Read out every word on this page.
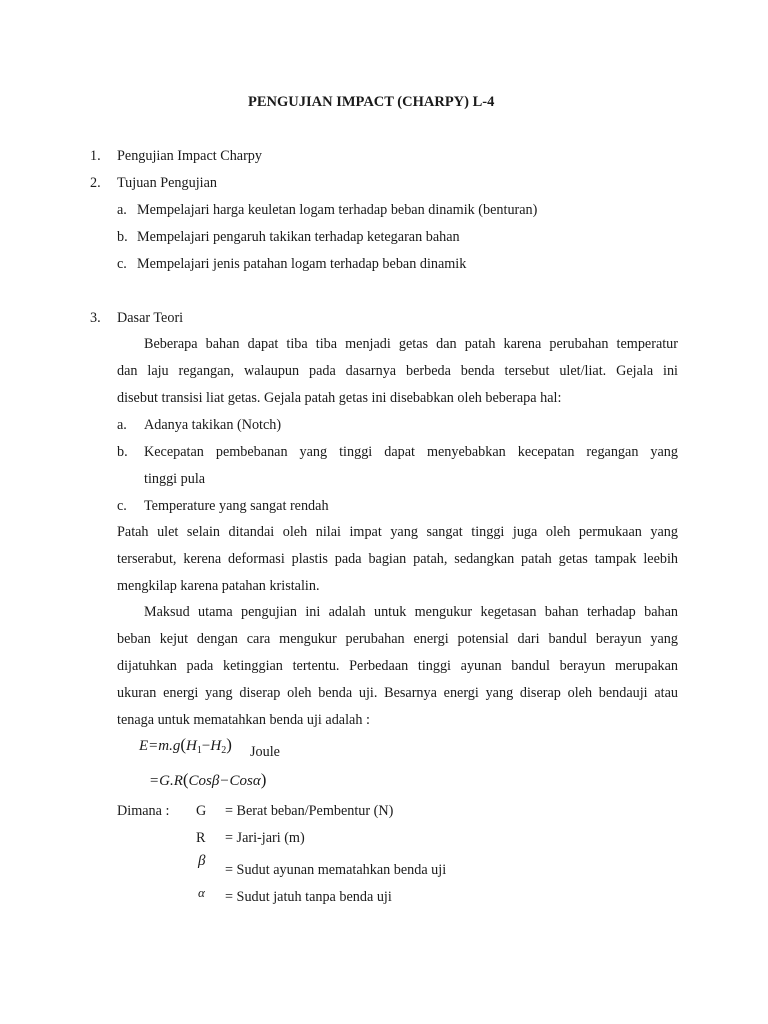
PENGUJIAN IMPACT (CHARPY) L-4
1. Pengujian Impact Charpy
2. Tujuan Pengujian
a. Mempelajari harga keuletan logam terhadap beban dinamik (benturan)
b. Mempelajari pengaruh takikan terhadap ketegaran bahan
c. Mempelajari jenis patahan logam terhadap beban dinamik
3. Dasar Teori
Beberapa bahan dapat tiba tiba menjadi getas dan patah karena perubahan temperatur
dan laju regangan, walaupun pada dasarnya berbeda benda tersebut ulet/liat. Gejala ini
disebut transisi liat getas. Gejala patah getas ini disebabkan oleh beberapa hal:
a. Adanya takikan (Notch)
b. Kecepatan pembebanan yang tinggi dapat menyebabkan kecepatan regangan yang
tinggi pula
c. Temperature yang sangat rendah
Patah ulet selain ditandai oleh nilai impat yang sangat tinggi juga oleh permukaan yang
terserabut, kerena deformasi plastis pada bagian patah, sedangkan patah getas tampak leebih
mengkilap karena patahan kristalin.
Maksud utama pengujian ini adalah untuk mengukur kegetasan bahan terhadap bahan
beban kejut dengan cara mengukur perubahan energi potensial dari bandul berayun yang
dijatuhkan pada ketinggian tertentu. Perbedaan tinggi ayunan bandul berayun merupakan
ukuran energi yang diserap oleh benda uji. Besarnya energi yang diserap oleh bendauji atau
tenaga untuk mematahkan benda uji adalah :
$E=m.g(H_1-H_2)$ Joule
=G.R(Cosβ−Cosα)
Dimana : G = Berat beban/Pembentur (N)
R = Jari-jari (m)
β
= Sudut ayunan mematahkan benda uji
α = Sudut jatuh tanpa benda uji
